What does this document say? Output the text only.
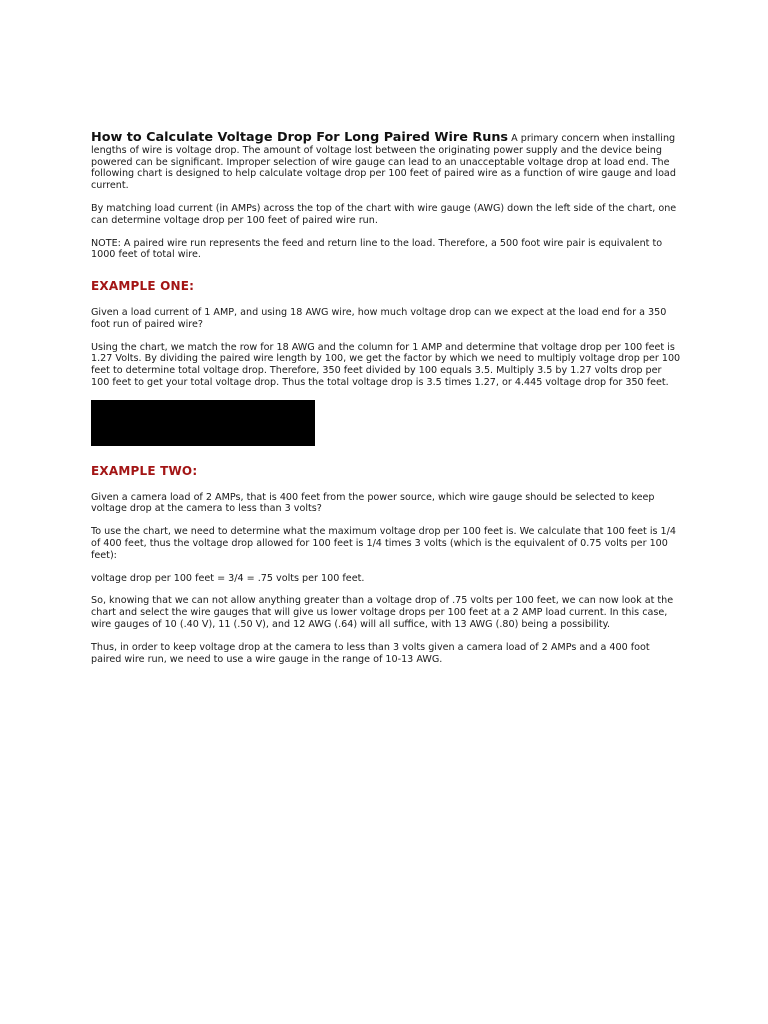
How to Calculate Voltage Drop For Long Paired Wire Runs A primary concern when installing lengths of wire is voltage drop. The amount of voltage lost between the originating power supply and the device being powered can be significant. Improper selection of wire gauge can lead to an unacceptable voltage drop at load end. The following chart is designed to help calculate voltage drop per 100 feet of paired wire as a function of wire gauge and load current.

By matching load current (in AMPs) across the top of the chart with wire gauge (AWG) down the left side of the chart, one can determine voltage drop per 100 feet of paired wire run.

NOTE: A paired wire run represents the feed and return line to the load. Therefore, a 500 foot wire pair is equivalent to 1000 feet of total wire.

EXAMPLE ONE:

Given a load current of 1 AMP, and using 18 AWG wire, how much voltage drop can we expect at the load end for a 350 foot run of paired wire?

Using the chart, we match the row for 18 AWG and the column for 1 AMP and determine that voltage drop per 100 feet is 1.27 Volts. By dividing the paired wire length by 100, we get the factor by which we need to multiply voltage drop per 100 feet to determine total voltage drop. Therefore, 350 feet divided by 100 equals 3.5. Multiply 3.5 by 1.27 volts drop per 100 feet to get your total voltage drop. Thus the total voltage drop is 3.5 times 1.27, or 4.445 voltage drop for 350 feet.

EXAMPLE TWO:

Given a camera load of 2 AMPs, that is 400 feet from the power source, which wire gauge should be selected to keep voltage drop at the camera to less than 3 volts?

To use the chart, we need to determine what the maximum voltage drop per 100 feet is. We calculate that 100 feet is 1/4 of 400 feet, thus the voltage drop allowed for 100 feet is 1/4 times 3 volts (which is the equivalent of 0.75 volts per 100 feet):

voltage drop per 100 feet = 3/4 = .75 volts per 100 feet.

So, knowing that we can not allow anything greater than a voltage drop of .75 volts per 100 feet, we can now look at the chart and select the wire gauges that will give us lower voltage drops per 100 feet at a 2 AMP load current. In this case, wire gauges of 10 (.40 V), 11 (.50 V), and 12 AWG (.64) will all suffice, with 13 AWG (.80) being a possibility.

Thus, in order to keep voltage drop at the camera to less than 3 volts given a camera load of 2 AMPs and a 400 foot paired wire run, we need to use a wire gauge in the range of 10-13 AWG.
